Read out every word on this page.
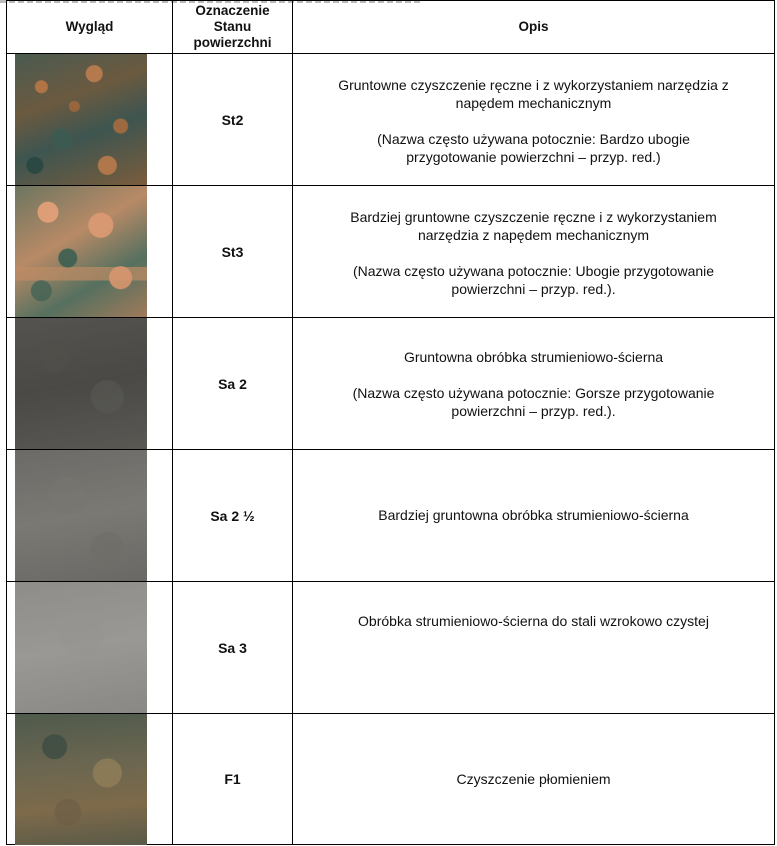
Wygląd	Oznaczenie
Stanu
powierzchni	Opis

	St2	Gruntowne czyszczenie ręczne i z wykorzystaniem narzędzia z
napędem mechanicznym
(Nazwa często używana potocznie: Bardzo ubogie
przygotowanie powierzchni – przyp. red.)

	St3	Bardziej gruntowne czyszczenie ręczne i z wykorzystaniem
narzędzia z napędem mechanicznym
(Nazwa często używana potocznie: Ubogie przygotowanie
powierzchni – przyp. red.).

	Sa 2	Gruntowna obróbka strumieniowo-ścierna
(Nazwa często używana potocznie: Gorsze przygotowanie
powierzchni – przyp. red.).

	Sa 2 ½	Bardziej gruntowna obróbka strumieniowo-ścierna

	Sa 3	Obróbka strumieniowo-ścierna do stali wzrokowo czystej

	F1	Czyszczenie płomieniem
